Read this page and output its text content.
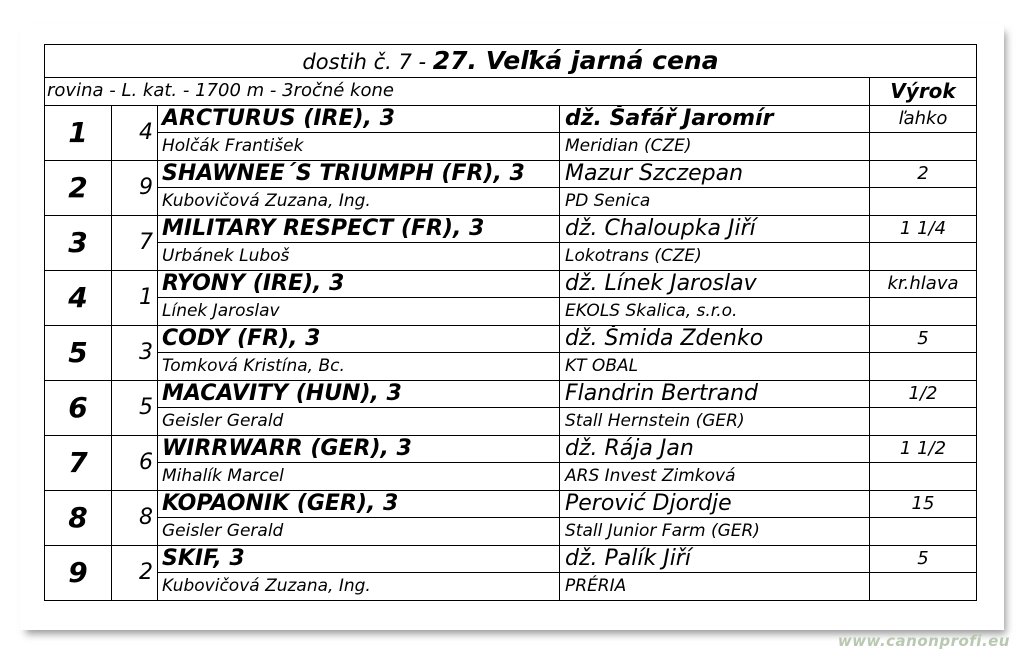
dostih č. 7 - 27. Veľká jarná cena				
rovina - L. kat. - 1700 m - 3ročné kone				Výrok
1	4	ARCTURUS (IRE), 3	dž. Šafář Jaromír	ľahko
		Holčák František	Meridian (CZE)	
2	9	SHAWNEE´S TRIUMPH (FR), 3	Mazur Szczepan	2
		Kubovičová Zuzana, Ing.	PD Senica	
3	7	MILITARY RESPECT (FR), 3	dž. Chaloupka Jiří	1 1/4
		Urbánek Luboš	Lokotrans (CZE)	
4	1	RYONY (IRE), 3	dž. Línek Jaroslav	kr.hlava
		Línek Jaroslav	EKOLS Skalica, s.r.o.	
5	3	CODY (FR), 3	dž. Šmida Zdenko	5
		Tomková Kristína, Bc.	KT OBAL	
6	5	MACAVITY (HUN), 3	Flandrin Bertrand	1/2
		Geisler Gerald	Stall Hernstein (GER)	
7	6	WIRRWARR (GER), 3	dž. Rája Jan	1 1/2
		Mihalík Marcel	ARS Invest Zimková	
8	8	KOPAONIK (GER), 3	Perović Djordje	15
		Geisler Gerald	Stall Junior Farm (GER)	
9	2	SKIF, 3	dž. Palík Jiří	5
		Kubovičová Zuzana, Ing.	PRÉRIA	
www.canonprofi.eu
